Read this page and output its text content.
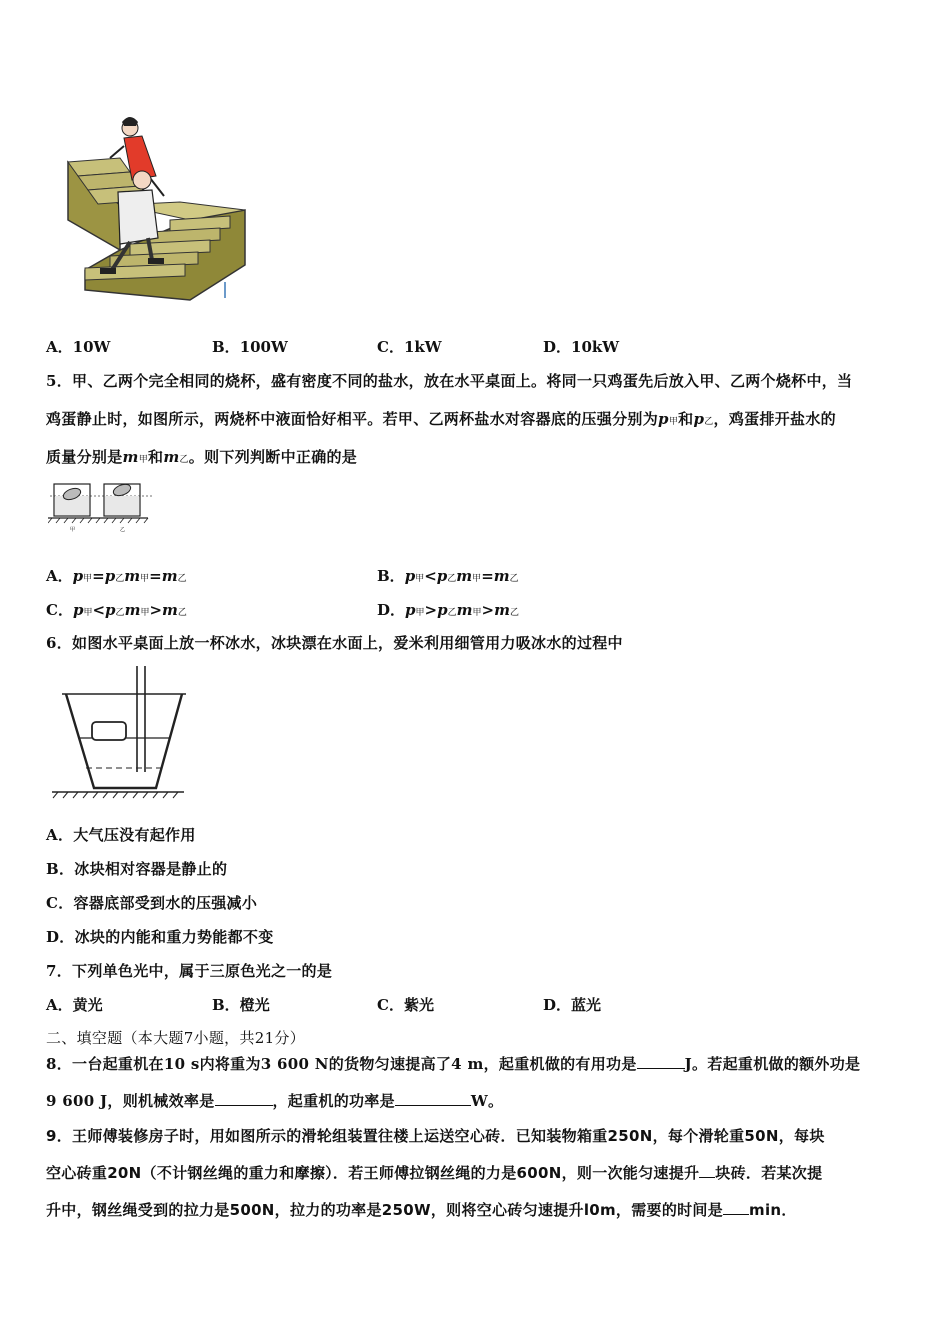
A．10W	B．100W	C．1kW	D．10kW
5．甲、乙两个完全相同的烧杯，盛有密度不同的盐水，放在水平桌面上。将同一只鸡蛋先后放入甲、乙两个烧杯中，当
鸡蛋静止时，如图所示，两烧杯中液面恰好相平。若甲、乙两杯盐水对容器底的压强分别为p甲和p乙，鸡蛋排开盐水的
质量分别是m甲和m乙。则下列判断中正确的是
甲	乙
A．p甲=p乙m甲=m乙	B．p甲<p乙m甲=m乙
C．p甲<p乙m甲>m乙	D．p甲>p乙m甲>m乙
6．如图水平桌面上放一杯冰水，冰块漂在水面上，爱米利用细管用力吸冰水的过程中
A．大气压没有起作用
B．冰块相对容器是静止的
C．容器底部受到水的压强减小
D．冰块的内能和重力势能都不变
7．下列单色光中，属于三原色光之一的是
A．黄光	B．橙光	C．紫光	D．蓝光
二、填空题（本大题7小题，共21分）
8．一台起重机在10 s内将重为3 600 N的货物匀速提高了4 m，起重机做的有用功是	J。若起重机做的额外功是
9 600 J，则机械效率是	，起重机的功率是	W。
9．王师傅装修房子时，用如图所示的滑轮组装置往楼上运送空心砖．已知装物箱重250N，每个滑轮重50N，每块
空心砖重20N（不计钢丝绳的重力和摩擦）．若王师傅拉钢丝绳的力是600N，则一次能匀速提升 块砖．若某次提
升中，钢丝绳受到的拉力是500N，拉力的功率是250W，则将空心砖匀速提升l0m，需要的时间是 min．
